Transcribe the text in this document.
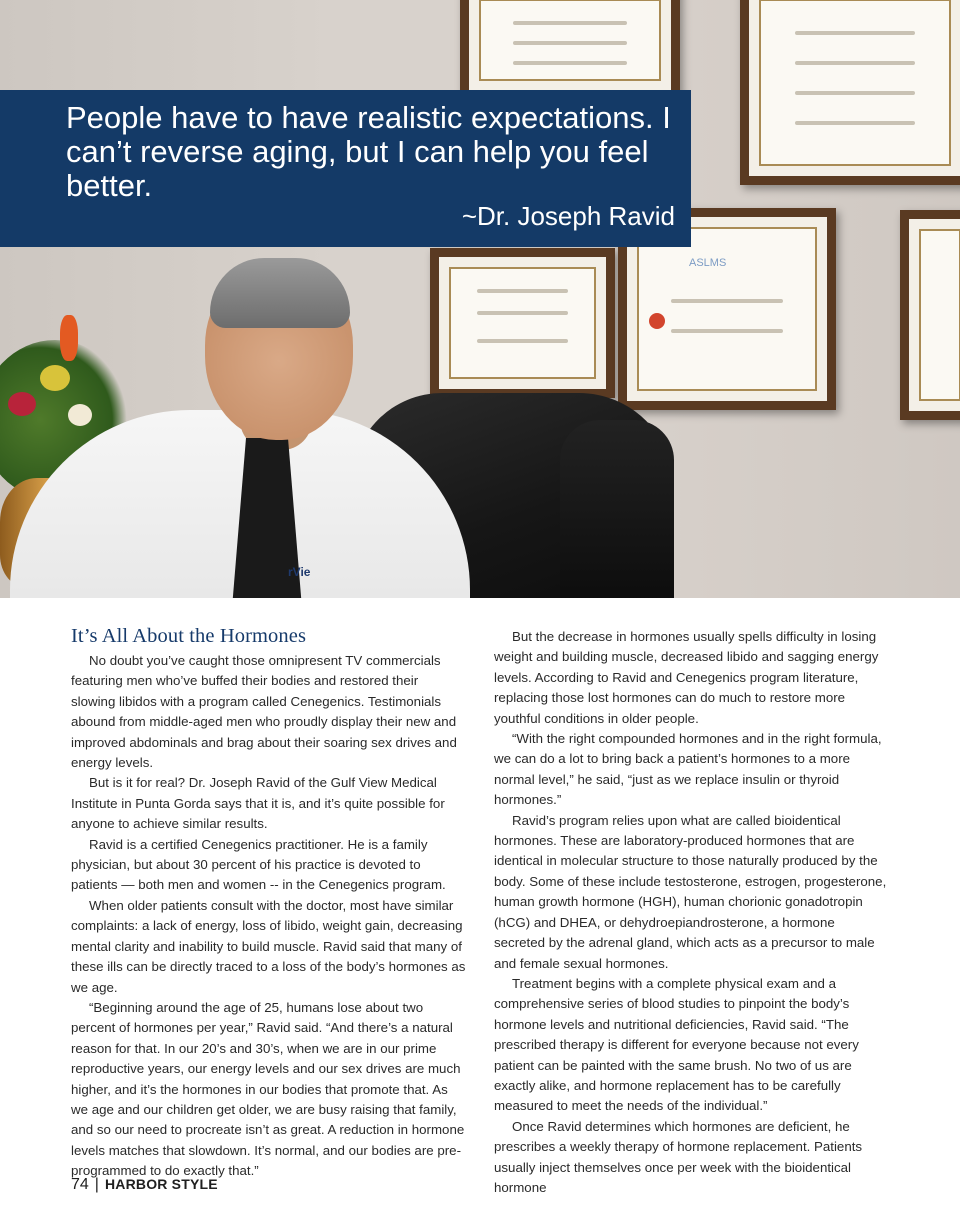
ASLMS
rVie

People have to have realistic expectations. I can’t reverse aging, but I can help you feel better.

~Dr. Joseph Ravid
It’s All About the Hormones

No doubt you’ve caught those omnipresent TV commercials featuring men who’ve buffed their bodies and restored their slowing libidos with a program called Cenegenics. Testimonials abound from middle-aged men who proudly display their new and improved abdominals and brag about their soaring sex drives and energy levels.

But is it for real? Dr. Joseph Ravid of the Gulf View Medical Institute in Punta Gorda says that it is, and it’s quite possible for anyone to achieve similar results.

Ravid is a certified Cenegenics practitioner. He is a family physician, but about 30 percent of his practice is devoted to patients — both men and women -- in the Cenegenics program.

When older patients consult with the doctor, most have similar complaints: a lack of energy, loss of libido, weight gain, decreasing mental clarity and inability to build muscle. Ravid said that many of these ills can be directly traced to a loss of the body’s hormones as we age.

“Beginning around the age of 25, humans lose about two percent of hormones per year,” Ravid said. “And there’s a natural reason for that. In our 20’s and 30’s, when we are in our prime reproductive years, our energy levels and our sex drives are much higher, and it’s the hormones in our bodies that promote that. As we age and our children get older, we are busy raising that family, and so our need to procreate isn’t as great. A reduction in hormone levels matches that slowdown. It’s normal, and our bodies are pre-programmed to do exactly that.”

But the decrease in hormones usually spells difficulty in losing weight and building muscle, decreased libido and sagging energy levels. According to Ravid and Cenegenics program literature, replacing those lost hormones can do much to restore more youthful conditions in older people.

“With the right compounded hormones and in the right formula, we can do a lot to bring back a patient’s hormones to a more normal level,” he said, “just as we replace insulin or thyroid hormones.”

Ravid’s program relies upon what are called bioidentical hormones. These are laboratory-produced hormones that are identical in molecular structure to those naturally produced by the body. Some of these include testosterone, estrogen, progesterone, human growth hormone (HGH), human chorionic gonadotropin (hCG) and DHEA, or dehydroepiandrosterone, a hormone secreted by the adrenal gland, which acts as a precursor to male and female sexual hormones.

Treatment begins with a complete physical exam and a comprehensive series of blood studies to pinpoint the body’s hormone levels and nutritional deficiencies, Ravid said. “The prescribed therapy is different for everyone because not every patient can be painted with the same brush. No two of us are exactly alike, and hormone replacement has to be carefully measured to meet the needs of the individual.”

Once Ravid determines which hormones are deficient, he prescribes a weekly therapy of hormone replacement. Patients usually inject themselves once per week with the bioidentical hormone

74 | HARBOR STYLE
